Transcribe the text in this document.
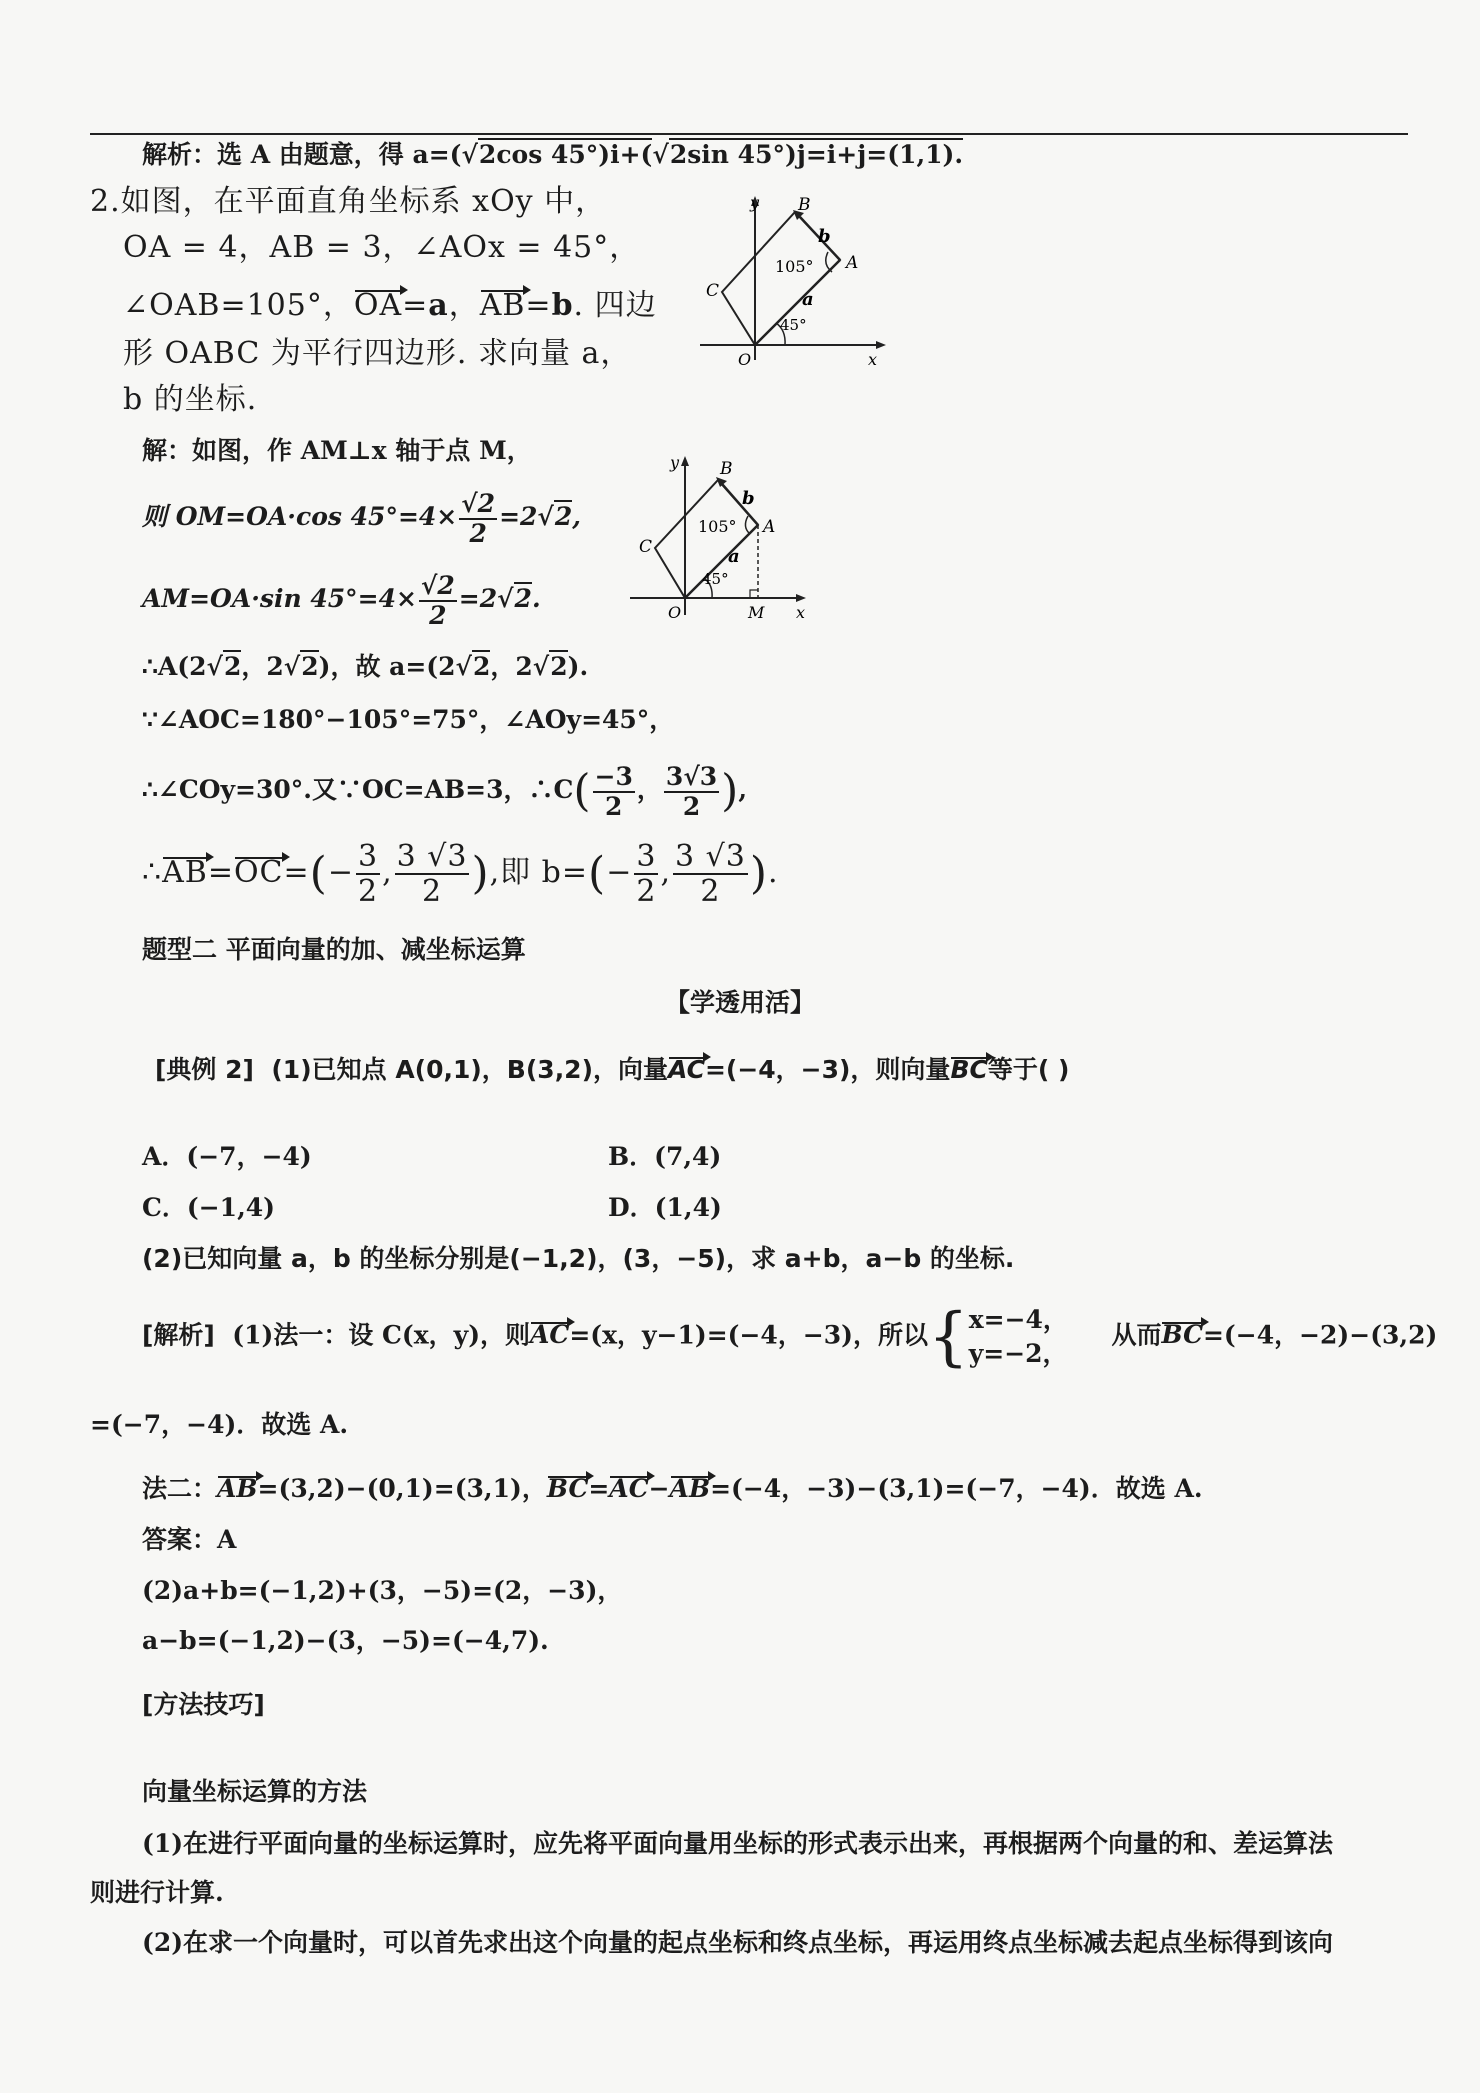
解析：选 A 由题意，得 a=(√2cos 45°)i+(√2sin 45°)j=i+j=(1,1).
2.如图，在平面直角坐标系 xOy 中，
OA = 4，AB = 3，∠AOx = 45°，
∠OAB=105°，OA=a，AB=b. 四边
形 OABC 为平行四边形. 求向量 a，
b 的坐标.
y
x
O
A
B
C	a
b
105°
45°
解：如图，作 AM⊥x 轴于点 M，
则 OM=OA·cos $45^\circ=4\times \frac{√2}{2} =2√2$,
AM=OA·sin $45^\circ=4\times \frac{√2}{2} =2√2$.
y
x
O
A
B
C
M
a
b
105°
45°
∴A(2√2，2√2)，故 a=(2√2，2√2).
∵∠AOC=180°−105°=75°，∠AOy=45°，
∴∠COy=30°.又∵OC=AB=3，∴C( $\frac{-3}{2}$ ， $\frac{3√3}{2}$ ),
∴AB=OC=(− $\frac{3}{2}$ , $\frac{3 √3}{2}$ ),即 $b=(- \frac{3}{2}$ , $\frac{3 √3}{2}$ ).
题型二 平面向量的加、减坐标运算
【学透用活】
[典例 2] (1)已知点 A(0,1)，B(3,2)，向量AC=(−4，−3)，则向量BC等于( )
A．(−7，−4)	B．(7,4)
C．(−1,4)	D．(1,4)
(2)已知向量 a，b 的坐标分别是(−1,2)，(3，−5)，求 a+b，a−b 的坐标.
[解析] (1)法一：设 C(x，y)，则AC=(x，y−1)=(−4，−3)，所以{ x=−4，
y=−2，
从而BC=(−4，−2)−(3,2)
=(−7，−4)．故选 A.
法二：AB=(3,2)−(0,1)=(3,1)，BC=AC−AB=(−4，−3)−(3,1)=(−7，−4)．故选 A.
答案：A
(2)a+b=(−1,2)+(3，−5)=(2，−3)，
a−b=(−1,2)−(3，−5)=(−4,7).
[方法技巧]
向量坐标运算的方法
(1)在进行平面向量的坐标运算时，应先将平面向量用坐标的形式表示出来，再根据两个向量的和、差运算法
则进行计算.
(2)在求一个向量时，可以首先求出这个向量的起点坐标和终点坐标，再运用终点坐标减去起点坐标得到该向
